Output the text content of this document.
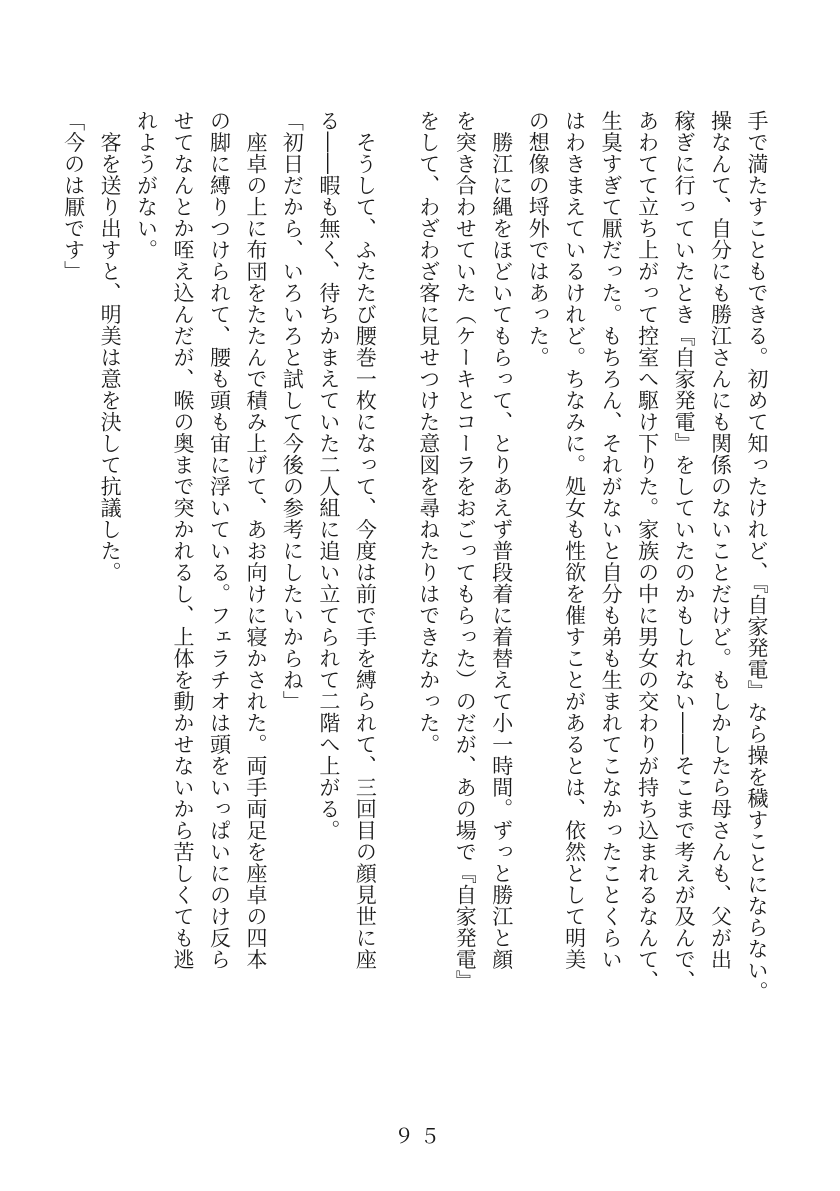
手で満たすこともできる。初めて知ったけれど、『自家発電』なら操を穢すことにならない。
操なんて、自分にも勝江さんにも関係のないことだけど。もしかしたら母さんも、父が出
稼ぎに行っていたとき『自家発電』をしていたのかもしれない――そこまで考えが及んで、
あわてて立ち上がって控室へ駆け下りた。家族の中に男女の交わりが持ち込まれるなんて、
生臭すぎて厭だった。もちろん、それがないと自分も弟も生まれてこなかったことくらい
はわきまえているけれど。ちなみに。処女も性欲を催すことがあるとは、依然として明美
の想像の埒外ではあった。
　勝江に縄をほどいてもらって、とりあえず普段着に着替えて小一時間。ずっと勝江と顔
を突き合わせていた（ケーキとコーラをおごってもらった）のだが、あの場で『自家発電』
をして、わざわざ客に見せつけた意図を尋ねたりはできなかった。
　そうして、ふたたび腰巻一枚になって、今度は前で手を縛られて、三回目の顔見世に座
る――暇も無く、待ちかまえていた二人組に追い立てられて二階へ上がる。
「初日だから、いろいろと試して今後の参考にしたいからね」
　座卓の上に布団をたたんで積み上げて、あお向けに寝かされた。両手両足を座卓の四本
の脚に縛りつけられて、腰も頭も宙に浮いている。フェラチオは頭をいっぱいにのけ反ら
せてなんとか咥え込んだが、喉の奥まで突かれるし、上体を動かせないから苦しくても逃
れようがない。
　客を送り出すと、明美は意を決して抗議した。
「今のは厭です」
９５
